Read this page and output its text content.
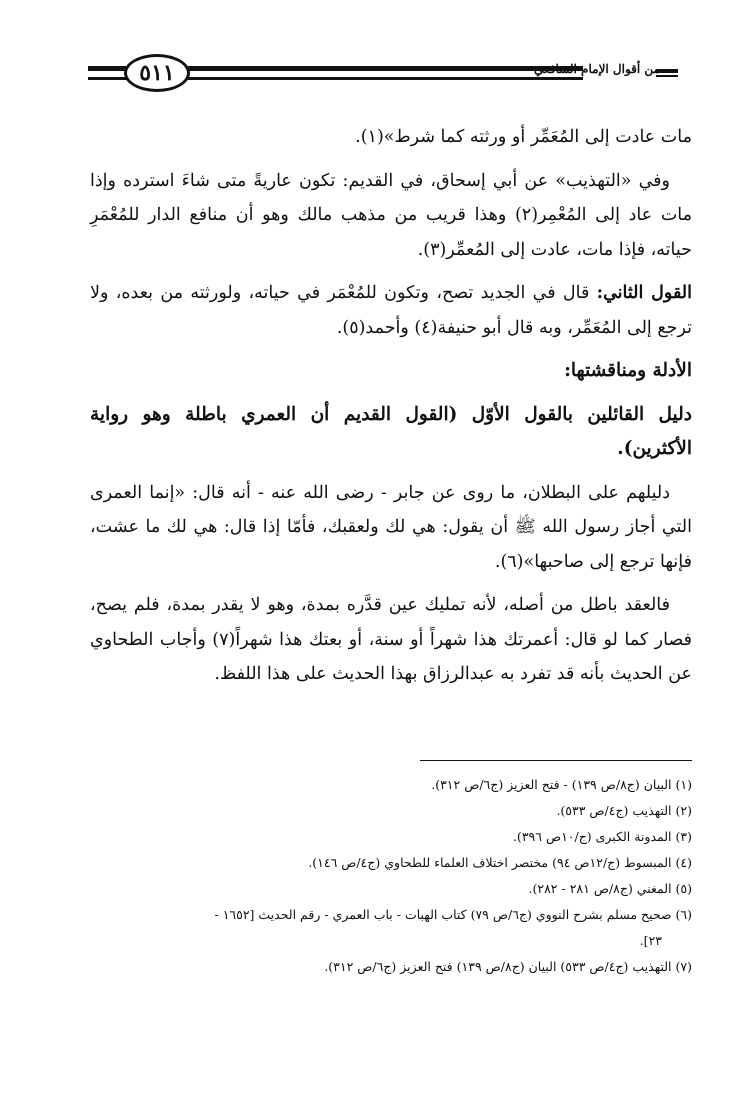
٥١١	من أقوال الإمام الشافعي

مات عادت إلى المُعَمِّر أو ورثته كما شرط»(١).

وفي «التهذيب» عن أبي إسحاق، في القديم: تكون عاريةً متى شاءَ استرده وإذا مات عاد إلى المُعْمِر(٢) وهذا قريب من مذهب مالك وهو أن منافع الدار للمُعْمَرِ حياته، فإذا مات، عادت إلى المُعمِّر(٣).

القول الثاني: قال في الجديد تصح، وتكون للمُعْمَر في حياته، ولورثته من بعده، ولا ترجع إلى المُعَمِّر، وبه قال أبو حنيفة(٤) وأحمد(٥).

الأدلة ومناقشتها:

دليل القائلين بالقول الأوّل (القول القديم أن العمري باطلة وهو رواية الأكثرين).

دليلهم على البطلان، ما روى عن جابر - رضى الله عنه - أنه قال: «إنما العمرى التي أجاز رسول الله ﷺ أن يقول: هي لك ولعقبك، فأمّا إذا قال: هي لك ما عشت، فإنها ترجع إلى صاحبها»(٦).

فالعقد باطل من أصله، لأنه تمليك عين قدَّره بمدة، وهو لا يقدر بمدة، فلم يصح، فصار كما لو قال: أعمرتك هذا شهراً أو سنة، أو بعتك هذا شهراً(٧) وأجاب الطحاوي عن الحديث بأنه قد تفرد به عبدالرزاق بهذا الحديث على هذا اللفظ.

(١) البيان (ج٨/ص ١٣٩) - فتح العزيز (ج٦/ص ٣١٢).
(٢) التهذيب (ج٤/ص ٥٣٣).
(٣) المدونة الكبرى (ج/١٠ص ٣٩٦).
(٤) المبسوط (ج/١٢ص ٩٤) مختصر اختلاف العلماء للطحاوي (ج٤/ص ١٤٦).
(٥) المغني (ج٨/ص ٢٨١ - ٢٨٢).
(٦) صحيح مسلم بشرح النووي (ج٦/ص ٧٩) كتاب الهبات - باب العمري - رقم الحديث [١٦٥٢ -
٢٣].
(٧) التهذيب (ج٤/ص ٥٣٣) البيان (ج٨/ص ١٣٩) فتح العزيز (ج٦/ص ٣١٢).
